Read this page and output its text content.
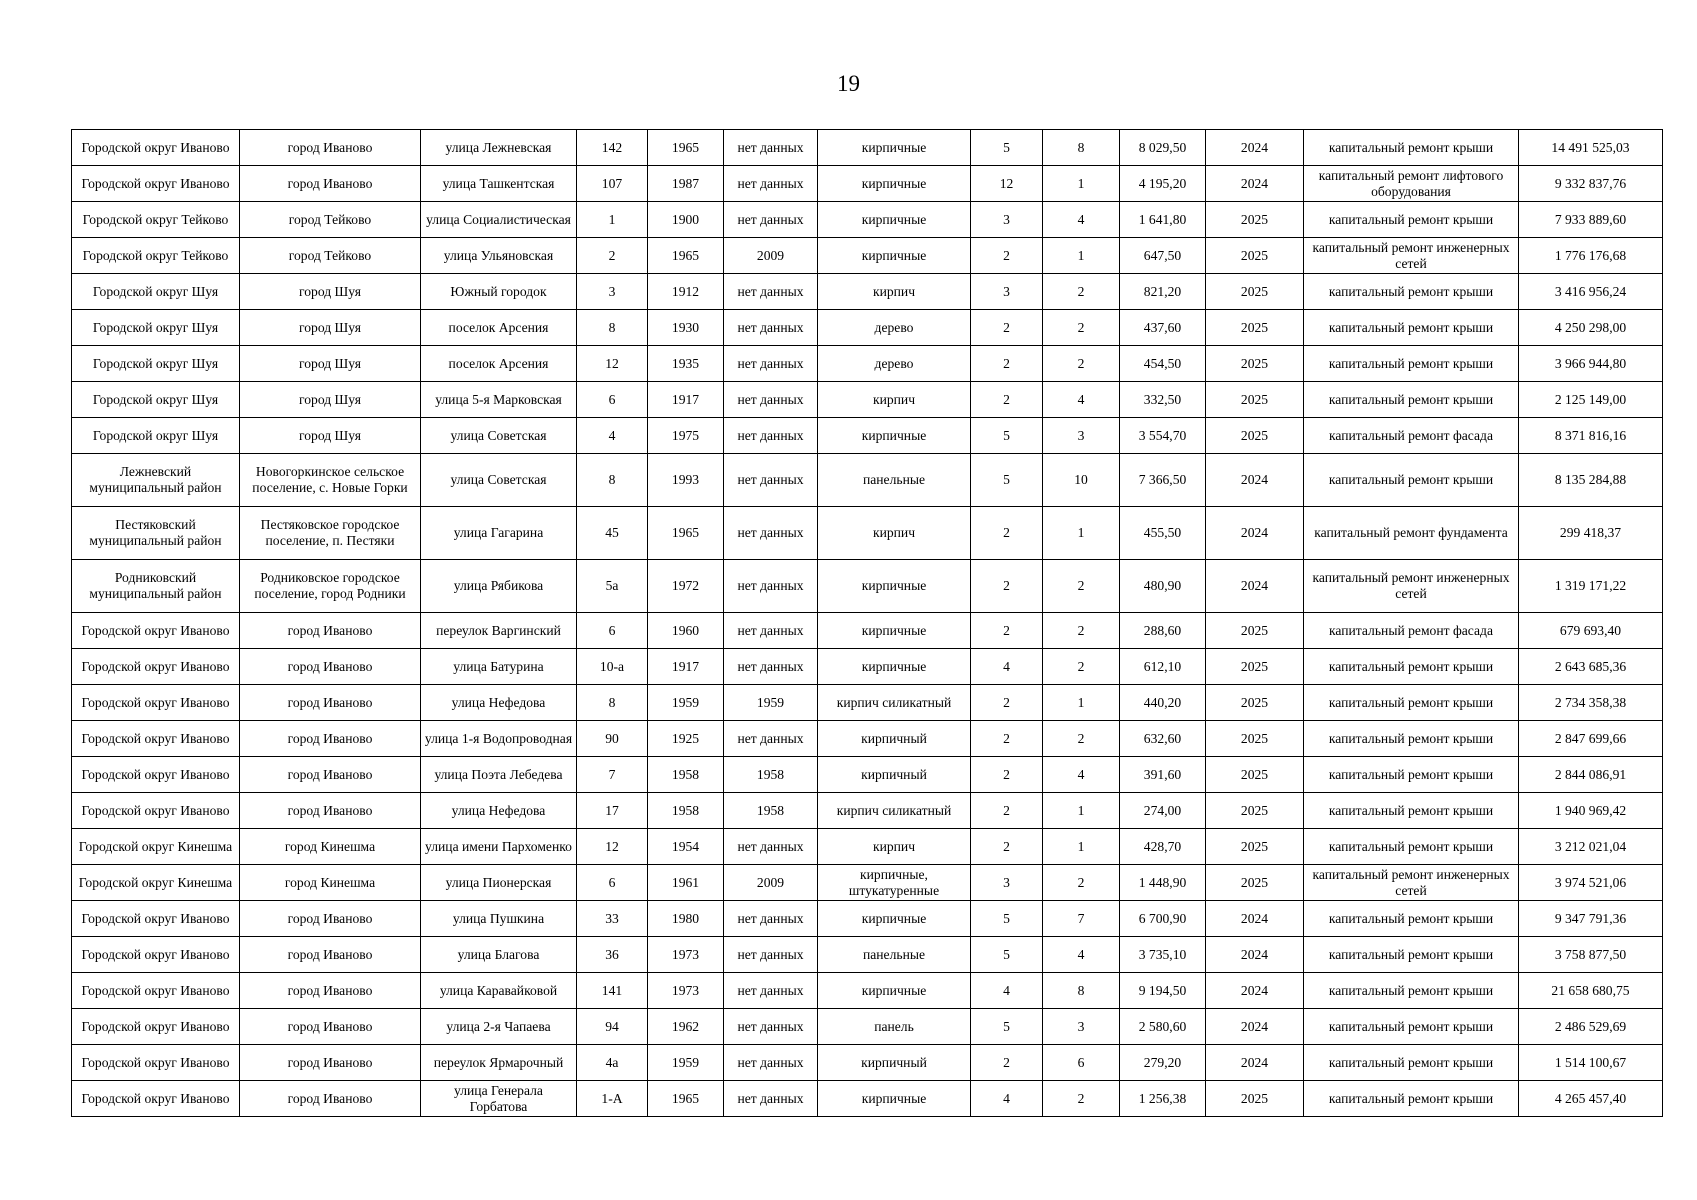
19
Городской округ Иваново	город Иваново	улица Лежневская	142	1965	нет данных	кирпичные	5	8	8 029,50	2024	капитальный ремонт крыши	14 491 525,03
Городской округ Иваново	город Иваново	улица Ташкентская	107	1987	нет данных	кирпичные	12	1	4 195,20	2024	капитальный ремонт лифтового оборудования	9 332 837,76
Городской округ Тейково	город Тейково	улица Социалистическая	1	1900	нет данных	кирпичные	3	4	1 641,80	2025	капитальный ремонт крыши	7 933 889,60
Городской округ Тейково	город Тейково	улица Ульяновская	2	1965	2009	кирпичные	2	1	647,50	2025	капитальный ремонт инженерных сетей	1 776 176,68
Городской округ Шуя	город Шуя	Южный городок	3	1912	нет данных	кирпич	3	2	821,20	2025	капитальный ремонт крыши	3 416 956,24
Городской округ Шуя	город Шуя	поселок Арсения	8	1930	нет данных	дерево	2	2	437,60	2025	капитальный ремонт крыши	4 250 298,00
Городской округ Шуя	город Шуя	поселок Арсения	12	1935	нет данных	дерево	2	2	454,50	2025	капитальный ремонт крыши	3 966 944,80
Городской округ Шуя	город Шуя	улица 5-я Марковская	6	1917	нет данных	кирпич	2	4	332,50	2025	капитальный ремонт крыши	2 125 149,00
Городской округ Шуя	город Шуя	улица Советская	4	1975	нет данных	кирпичные	5	3	3 554,70	2025	капитальный ремонт фасада	8 371 816,16
Лежневский муниципальный район	Новогоркинское сельское поселение, с. Новые Горки	улица Советская	8	1993	нет данных	панельные	5	10	7 366,50	2024	капитальный ремонт крыши	8 135 284,88
Пестяковский муниципальный район	Пестяковское городское поселение, п. Пестяки	улица Гагарина	45	1965	нет данных	кирпич	2	1	455,50	2024	капитальный ремонт фундамента	299 418,37
Родниковский муниципальный район	Родниковское городское поселение, город Родники	улица Рябикова	5а	1972	нет данных	кирпичные	2	2	480,90	2024	капитальный ремонт инженерных сетей	1 319 171,22
Городской округ Иваново	город Иваново	переулок Варгинский	6	1960	нет данных	кирпичные	2	2	288,60	2025	капитальный ремонт фасада	679 693,40
Городской округ Иваново	город Иваново	улица Батурина	10-а	1917	нет данных	кирпичные	4	2	612,10	2025	капитальный ремонт крыши	2 643 685,36
Городской округ Иваново	город Иваново	улица Нефедова	8	1959	1959	кирпич силикатный	2	1	440,20	2025	капитальный ремонт крыши	2 734 358,38
Городской округ Иваново	город Иваново	улица 1-я Водопроводная	90	1925	нет данных	кирпичный	2	2	632,60	2025	капитальный ремонт крыши	2 847 699,66
Городской округ Иваново	город Иваново	улица Поэта Лебедева	7	1958	1958	кирпичный	2	4	391,60	2025	капитальный ремонт крыши	2 844 086,91
Городской округ Иваново	город Иваново	улица Нефедова	17	1958	1958	кирпич силикатный	2	1	274,00	2025	капитальный ремонт крыши	1 940 969,42
Городской округ Кинешма	город Кинешма	улица имени Пархоменко	12	1954	нет данных	кирпич	2	1	428,70	2025	капитальный ремонт крыши	3 212 021,04
Городской округ Кинешма	город Кинешма	улица Пионерская	6	1961	2009	кирпичные, штукатуренные	3	2	1 448,90	2025	капитальный ремонт инженерных сетей	3 974 521,06
Городской округ Иваново	город Иваново	улица Пушкина	33	1980	нет данных	кирпичные	5	7	6 700,90	2024	капитальный ремонт крыши	9 347 791,36
Городской округ Иваново	город Иваново	улица Благова	36	1973	нет данных	панельные	5	4	3 735,10	2024	капитальный ремонт крыши	3 758 877,50
Городской округ Иваново	город Иваново	улица Каравайковой	141	1973	нет данных	кирпичные	4	8	9 194,50	2024	капитальный ремонт крыши	21 658 680,75
Городской округ Иваново	город Иваново	улица 2-я Чапаева	94	1962	нет данных	панель	5	3	2 580,60	2024	капитальный ремонт крыши	2 486 529,69
Городской округ Иваново	город Иваново	переулок Ярмарочный	4а	1959	нет данных	кирпичный	2	6	279,20	2024	капитальный ремонт крыши	1 514 100,67
Городской округ Иваново	город Иваново	улица Генерала Горбатова	1-А	1965	нет данных	кирпичные	4	2	1 256,38	2025	капитальный ремонт крыши	4 265 457,40
